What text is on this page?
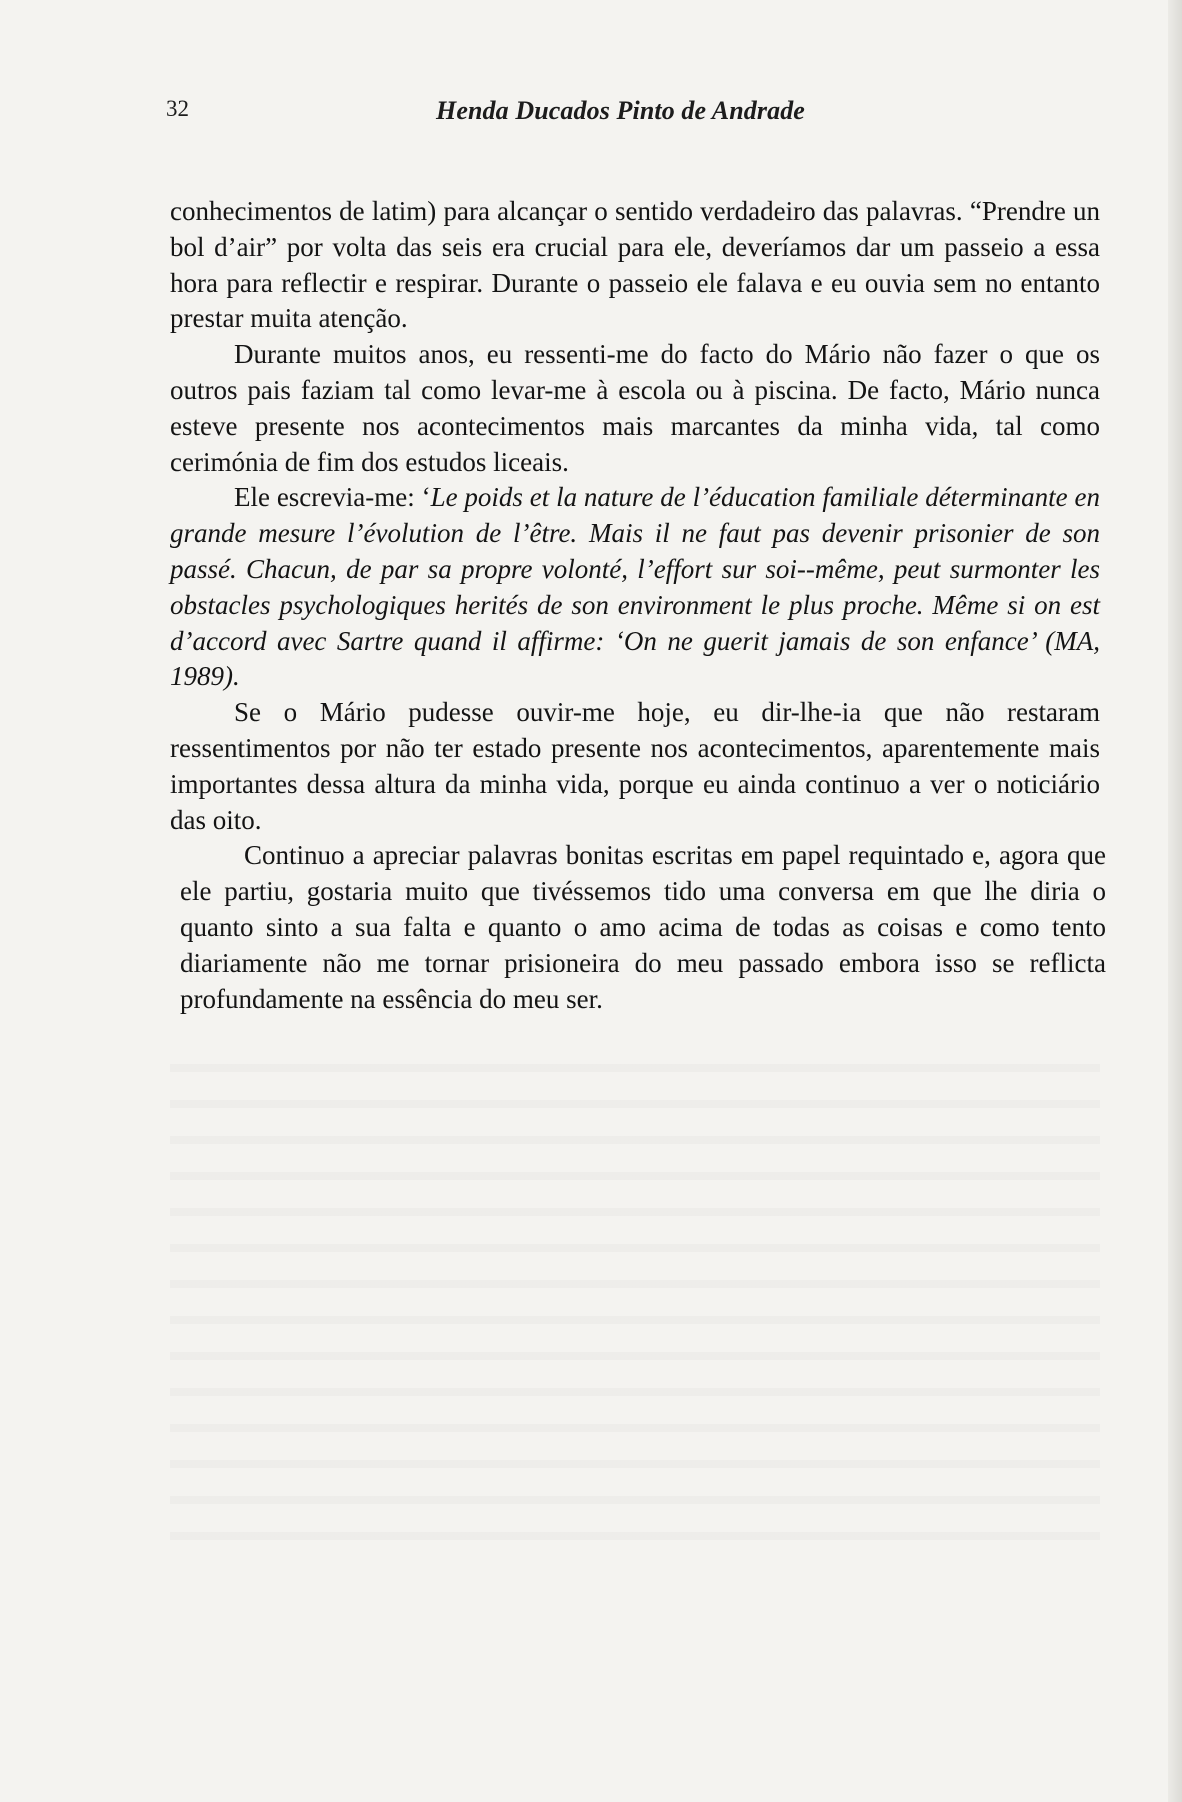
32	Henda Ducados Pinto de Andrade

conhecimentos de latim) para alcançar o sentido verdadeiro das palavras. “Prendre un bol d’air” por volta das seis era crucial para ele, deveríamos dar um passeio a essa hora para reflectir e respirar. Durante o passeio ele falava e eu ouvia sem no entanto prestar muita atenção.

Durante muitos anos, eu ressenti-me do facto do Mário não fazer o que os outros pais faziam tal como levar-me à escola ou à piscina. De facto, Mário nunca esteve presente nos acontecimentos mais marcantes da minha vida, tal como cerimónia de fim dos estudos liceais.

Ele escrevia-me: ‘Le poids et la nature de l’éducation familiale déterminante en grande mesure l’évolution de l’être. Mais il ne faut pas devenir prisonier de son passé. Chacun, de par sa propre volonté, l’effort sur soi--même, peut surmonter les obstacles psychologiques herités de son environment le plus proche. Même si on est d’accord avec Sartre quand il affirme: ‘On ne guerit jamais de son enfance’ (MA, 1989).

Se o Mário pudesse ouvir-me hoje, eu dir-lhe-ia que não restaram ressentimentos por não ter estado presente nos acontecimentos, aparentemente mais importantes dessa altura da minha vida, porque eu ainda continuo a ver o noticiário das oito.

Continuo a apreciar palavras bonitas escritas em papel requintado e, agora que ele partiu, gostaria muito que tivéssemos tido uma conversa em que lhe diria o quanto sinto a sua falta e quanto o amo acima de todas as coisas e como tento diariamente não me tornar prisioneira do meu passado embora isso se reflicta profundamente na essência do meu ser.
